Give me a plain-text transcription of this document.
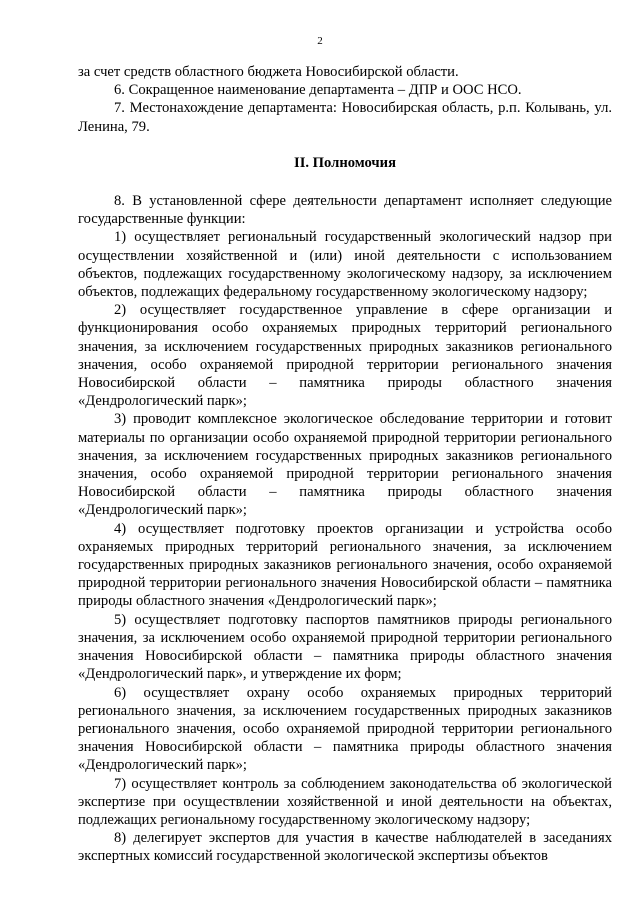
2

за счет средств областного бюджета Новосибирской области.

6. Сокращенное наименование департамента – ДПР и ООС НСО.

7. Местонахождение департамента: Новосибирская область, р.п. Колывань, ул. Ленина, 79.

II. Полномочия

8. В установленной сфере деятельности департамент исполняет следующие государственные функции:

1) осуществляет региональный государственный экологический надзор при осуществлении хозяйственной и (или) иной деятельности с использованием объектов, подлежащих государственному экологическому надзору, за исключением объектов, подлежащих федеральному государственному экологическому надзору;
2) осуществляет государственное управление в сфере организации и функционирования особо охраняемых природных территорий регионального значения, за исключением государственных природных заказников регионального значения, особо охраняемой природной территории регионального значения Новосибирской области – памятника природы областного значения «Дендрологический парк»;
3) проводит комплексное экологическое обследование территории и готовит материалы по организации особо охраняемой природной территории регионального значения, за исключением государственных природных заказников регионального значения, особо охраняемой природной территории регионального значения Новосибирской области – памятника природы областного значения «Дендрологический парк»;
4) осуществляет подготовку проектов организации и устройства особо охраняемых природных территорий регионального значения, за исключением государственных природных заказников регионального значения, особо охраняемой природной территории регионального значения Новосибирской области – памятника природы областного значения «Дендрологический парк»;
5) осуществляет подготовку паспортов памятников природы регионального значения, за исключением особо охраняемой природной территории регионального значения Новосибирской области – памятника природы областного значения «Дендрологический парк», и утверждение их форм;
6) осуществляет охрану особо охраняемых природных территорий регионального значения, за исключением государственных природных заказников регионального значения, особо охраняемой природной территории регионального значения Новосибирской области – памятника природы областного значения «Дендрологический парк»;
7) осуществляет контроль за соблюдением законодательства об экологической экспертизе при осуществлении хозяйственной и иной деятельности на объектах, подлежащих региональному государственному экологическому надзору;
8) делегирует экспертов для участия в качестве наблюдателей в заседаниях экспертных комиссий государственной экологической экспертизы объектов
